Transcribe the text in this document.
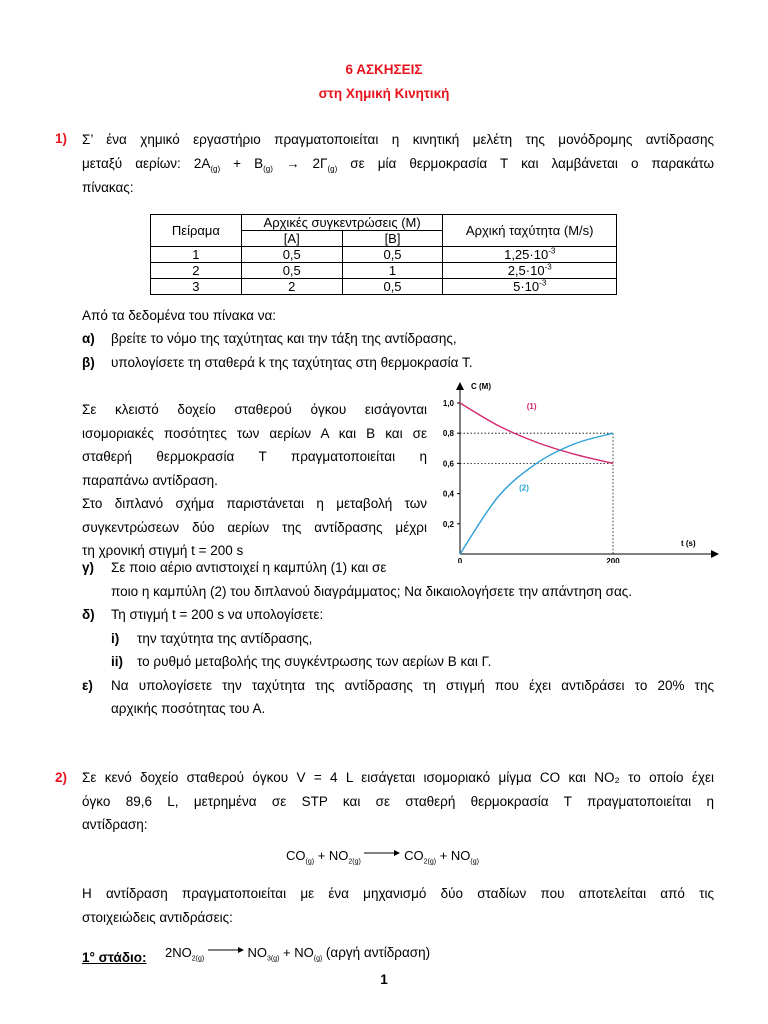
6 ΑΣΚΗΣΕΙΣ
στη Χημική Κινητική
1) Σ’ ένα χημικό εργαστήριο πραγματοποιείται η κινητική μελέτη της μονόδρομης αντίδρασης
μεταξύ αερίων: $2A_{(g)} + B_{(g)} \to 2\Gamma_{(g)}$ σε μία θερμοκρασία Τ και λαμβάνεται ο παρακάτω
πίνακας:
Πείραμα	Αρχικές συγκεντρώσεις (M)		Αρχική ταχύτητα (M/s)
	[A]	[B]	
1	0,5	0,5	$1,25\cdot 10^{-3}$
2	0,5	1	$2,5\cdot 10^{-3}$
3	2	0,5	$5\cdot 10^{-3}$
Από τα δεδομένα του πίνακα να:
α) βρείτε το νόμο της ταχύτητας και την τάξη της αντίδρασης,
β) υπολογίσετε τη σταθερά k της ταχύτητας στη θερμοκρασία Τ.
Σε κλειστό δοχείο σταθερού όγκου εισάγονται
ισομοριακές ποσότητες των αερίων Α και Β και σε
σταθερή θερμοκρασία Τ πραγματοποιείται η
παραπάνω αντίδραση.
Στο διπλανό σχήμα παριστάνεται η μεταβολή των
συγκεντρώσεων δύο αερίων της αντίδρασης μέχρι
τη χρονική στιγμή t = 200 s
C (M)
t (s)
0,2
0,4
0,6
0,8
1,0
0	200
(1)
(2)
γ) Σε ποιο αέριο αντιστοιχεί η καμπύλη (1) και σε
ποιο η καμπύλη (2) του διπλανού διαγράμματος; Να δικαιολογήσετε την απάντηση σας.
δ) Τη στιγμή t = 200 s να υπολογίσετε:
i) την ταχύτητα της αντίδρασης,
ii) το ρυθμό μεταβολής της συγκέντρωσης των αερίων Β και Γ.
ε) Να υπολογίσετε την ταχύτητα της αντίδρασης τη στιγμή που έχει αντιδράσει το 20% της
αρχικής ποσότητας του Α.
2) Σε κενό δοχείο σταθερού όγκου V = 4 L εισάγεται ισομοριακό μίγμα CO και NO₂ το οποίο έχει
όγκο 89,6 L, μετρημένα σε STP και σε σταθερή θερμοκρασία Τ πραγματοποιείται η
αντίδραση:
$CO_{(g)} + NO_{2(g)} \to CO_{2(g)} + NO_{(g)}$
Η αντίδραση πραγματοποιείται με ένα μηχανισμό δύο σταδίων που αποτελείται από τις
στοιχειώδεις αντιδράσεις:
1° στάδιο: $2NO_{2(g)} \to NO_{3(g)} + NO_{(g)}$ (αργή αντίδραση)
1
